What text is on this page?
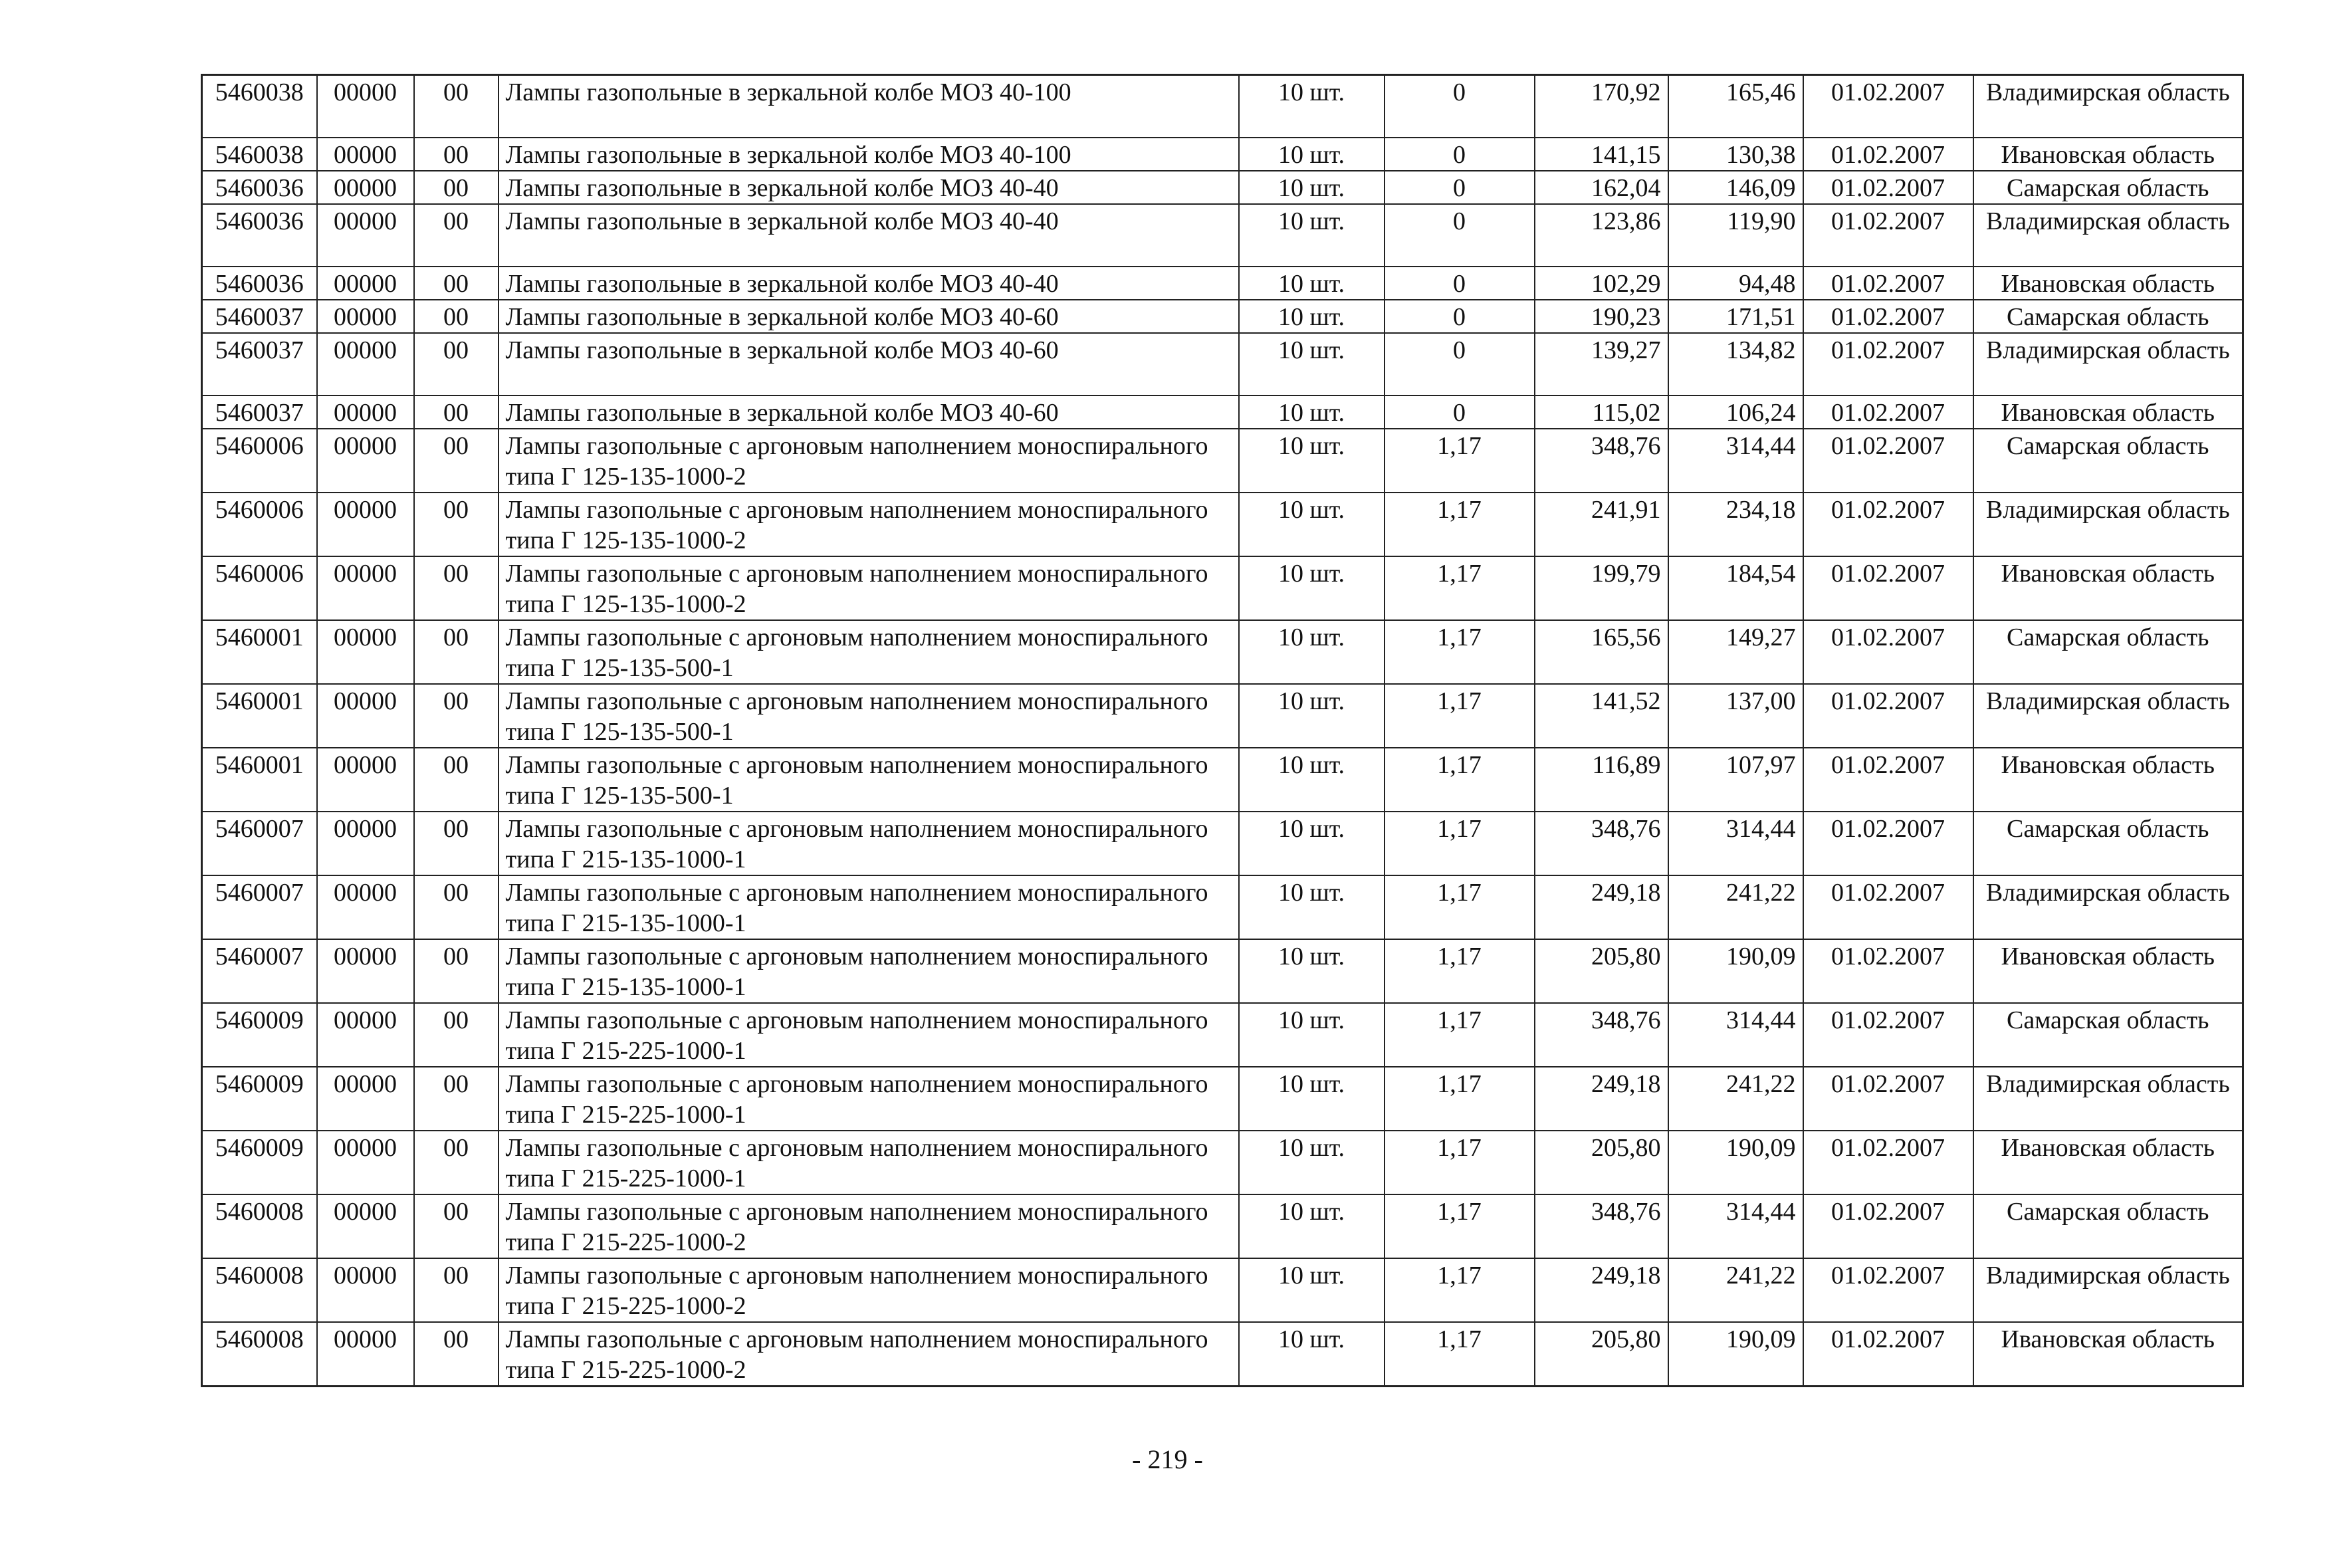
5460038	00000	00	Лампы газопольные в зеркальной колбе МОЗ 40-100	10 шт.	0	170,92	165,46	01.02.2007	Владимирская область
5460038	00000	00	Лампы газопольные в зеркальной колбе МОЗ 40-100	10 шт.	0	141,15	130,38	01.02.2007	Ивановская область
5460036	00000	00	Лампы газопольные в зеркальной колбе МОЗ 40-40	10 шт.	0	162,04	146,09	01.02.2007	Самарская область
5460036	00000	00	Лампы газопольные в зеркальной колбе МОЗ 40-40	10 шт.	0	123,86	119,90	01.02.2007	Владимирская область
5460036	00000	00	Лампы газопольные в зеркальной колбе МОЗ 40-40	10 шт.	0	102,29	94,48	01.02.2007	Ивановская область
5460037	00000	00	Лампы газопольные в зеркальной колбе МОЗ 40-60	10 шт.	0	190,23	171,51	01.02.2007	Самарская область
5460037	00000	00	Лампы газопольные в зеркальной колбе МОЗ 40-60	10 шт.	0	139,27	134,82	01.02.2007	Владимирская область
5460037	00000	00	Лампы газопольные в зеркальной колбе МОЗ 40-60	10 шт.	0	115,02	106,24	01.02.2007	Ивановская область
5460006	00000	00	Лампы газопольные с аргоновым наполнением моноспирального типа Г 125-135-1000-2	10 шт.	1,17	348,76	314,44	01.02.2007	Самарская область
5460006	00000	00	Лампы газопольные с аргоновым наполнением моноспирального типа Г 125-135-1000-2	10 шт.	1,17	241,91	234,18	01.02.2007	Владимирская область
5460006	00000	00	Лампы газопольные с аргоновым наполнением моноспирального типа Г 125-135-1000-2	10 шт.	1,17	199,79	184,54	01.02.2007	Ивановская область
5460001	00000	00	Лампы газопольные с аргоновым наполнением моноспирального типа Г 125-135-500-1	10 шт.	1,17	165,56	149,27	01.02.2007	Самарская область
5460001	00000	00	Лампы газопольные с аргоновым наполнением моноспирального типа Г 125-135-500-1	10 шт.	1,17	141,52	137,00	01.02.2007	Владимирская область
5460001	00000	00	Лампы газопольные с аргоновым наполнением моноспирального типа Г 125-135-500-1	10 шт.	1,17	116,89	107,97	01.02.2007	Ивановская область
5460007	00000	00	Лампы газопольные с аргоновым наполнением моноспирального типа Г 215-135-1000-1	10 шт.	1,17	348,76	314,44	01.02.2007	Самарская область
5460007	00000	00	Лампы газопольные с аргоновым наполнением моноспирального типа Г 215-135-1000-1	10 шт.	1,17	249,18	241,22	01.02.2007	Владимирская область
5460007	00000	00	Лампы газопольные с аргоновым наполнением моноспирального типа Г 215-135-1000-1	10 шт.	1,17	205,80	190,09	01.02.2007	Ивановская область
5460009	00000	00	Лампы газопольные с аргоновым наполнением моноспирального типа Г 215-225-1000-1	10 шт.	1,17	348,76	314,44	01.02.2007	Самарская область
5460009	00000	00	Лампы газопольные с аргоновым наполнением моноспирального типа Г 215-225-1000-1	10 шт.	1,17	249,18	241,22	01.02.2007	Владимирская область
5460009	00000	00	Лампы газопольные с аргоновым наполнением моноспирального типа Г 215-225-1000-1	10 шт.	1,17	205,80	190,09	01.02.2007	Ивановская область
5460008	00000	00	Лампы газопольные с аргоновым наполнением моноспирального типа Г 215-225-1000-2	10 шт.	1,17	348,76	314,44	01.02.2007	Самарская область
5460008	00000	00	Лампы газопольные с аргоновым наполнением моноспирального типа Г 215-225-1000-2	10 шт.	1,17	249,18	241,22	01.02.2007	Владимирская область
5460008	00000	00	Лампы газопольные с аргоновым наполнением моноспирального типа Г 215-225-1000-2	10 шт.	1,17	205,80	190,09	01.02.2007	Ивановская область
- 219 -
